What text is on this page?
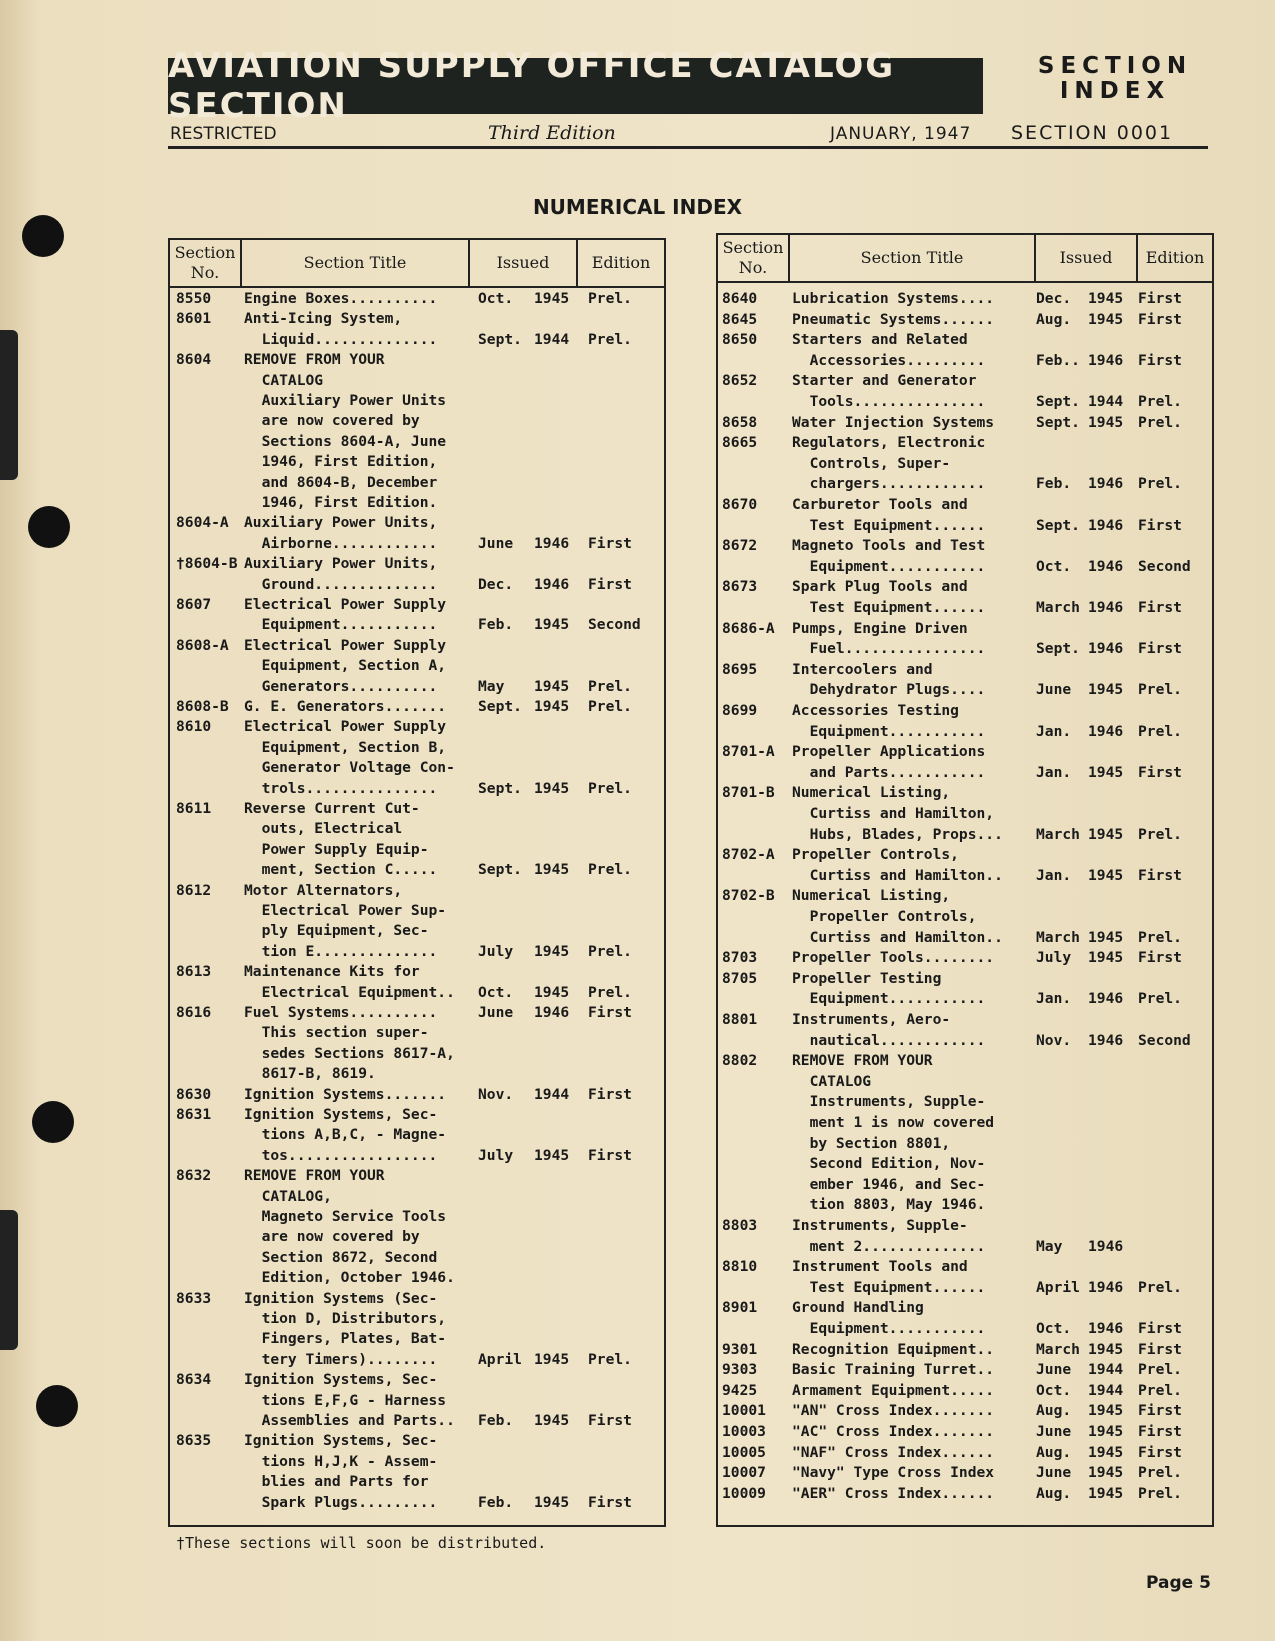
AVIATION SUPPLY OFFICE CATALOG SECTION
SECTION
INDEX
RESTRICTED	Third Edition	JANUARY, 1947 SECTION 0001
NUMERICAL INDEX
Section No.
Section Title	Issued	Edition
8550 Engine Boxes..........	Oct. 1945 Prel.
8601 Anti-Icing System,
Liquid..............	Sept. 1944 Prel.
8604 REMOVE FROM YOUR
CATALOG
Auxiliary Power Units
are now covered by
Sections 8604-A, June
1946, First Edition,
and 8604-B, December
1946, First Edition.
8604-A Auxiliary Power Units,
Airborne............	June 1946 First
†8604-B Auxiliary Power Units,
Ground..............	Dec. 1946 First
8607 Electrical Power Supply
Equipment...........	Feb. 1945 Second
8608-A Electrical Power Supply
Equipment, Section A,
Generators..........	May 1945 Prel.
8608-B G. E. Generators....... Sept. 1945 Prel.
8610 Electrical Power Supply
Equipment, Section B,
Generator Voltage Con-
trols...............	Sept. 1945 Prel.
8611 Reverse Current Cut-
outs, Electrical
Power Supply Equip-
ment, Section C.....	Sept. 1945 Prel.
8612 Motor Alternators,
Electrical Power Sup-
ply Equipment, Sec-
tion E..............	July 1945 Prel.
8613 Maintenance Kits for
Electrical Equipment.. Oct. 1945 Prel.
8616 Fuel Systems..........	June 1946 First
This section super-
sedes Sections 8617-A,
8617-B, 8619.
8630 Ignition Systems....... Nov. 1944 First
8631 Ignition Systems, Sec-
tions A,B,C, - Magne-
tos.................	July 1945 First
8632 REMOVE FROM YOUR
CATALOG,
Magneto Service Tools
are now covered by
Section 8672, Second
Edition, October 1946.
8633 Ignition Systems (Sec-
tion D, Distributors,
Fingers, Plates, Bat-
tery Timers)........	April 1945 Prel.
8634 Ignition Systems, Sec-
tions E,F,G - Harness
Assemblies and Parts.. Feb. 1945 First
8635 Ignition Systems, Sec-
tions H,J,K - Assem-
blies and Parts for
Spark Plugs.........	Feb. 1945 First
Section No.
Section Title	Issued	Edition
8640 Lubrication Systems....	Dec. 1945 First
8645 Pneumatic Systems......	Aug. 1945 First
8650 Starters and Related
Accessories.........	Feb.. 1946 First
8652 Starter and Generator
Tools...............	Sept. 1944 Prel.
8658 Water Injection Systems	Sept. 1945 Prel.
8665 Regulators, Electronic
Controls, Super-
chargers............	Feb. 1946 Prel.
8670 Carburetor Tools and
Test Equipment......	Sept. 1946 First
8672 Magneto Tools and Test
Equipment...........	Oct. 1946 Second
8673 Spark Plug Tools and
Test Equipment......	March 1946 First
8686-A Pumps, Engine Driven
Fuel................	Sept. 1946 First
8695 Intercoolers and
Dehydrator Plugs....	June 1945 Prel.
8699 Accessories Testing
Equipment...........	Jan. 1946 Prel.
8701-A Propeller Applications
and Parts...........	Jan. 1945 First
8701-B Numerical Listing,
Curtiss and Hamilton,
Hubs, Blades, Props... March 1945 Prel.
8702-A Propeller Controls,
Curtiss and Hamilton.. Jan. 1945 First
8702-B Numerical Listing,
Propeller Controls,
Curtiss and Hamilton.. March 1945 Prel.
8703 Propeller Tools........	July 1945 First
8705 Propeller Testing
Equipment...........	Jan. 1946 Prel.
8801 Instruments, Aero-
nautical............	Nov. 1946 Second
8802 REMOVE FROM YOUR
CATALOG
Instruments, Supple-
ment 1 is now covered
by Section 8801,
Second Edition, Nov-
ember 1946, and Sec-
tion 8803, May 1946.
8803 Instruments, Supple-
ment 2..............	May 1946
8810 Instrument Tools and
Test Equipment......	April 1946 Prel.
8901 Ground Handling
Equipment...........	Oct. 1946 First
9301 Recognition Equipment..	March 1945 First
9303 Basic Training Turret..	June 1944 Prel.
9425 Armament Equipment.....	Oct. 1944 Prel.
10001 "AN" Cross Index.......	Aug. 1945 First
10003 "AC" Cross Index.......	June 1945 First
10005 "NAF" Cross Index......	Aug. 1945 First
10007 "Navy" Type Cross Index	June 1945 Prel.
10009 "AER" Cross Index......	Aug. 1945 Prel.
†These sections will soon be distributed.
Page 5
